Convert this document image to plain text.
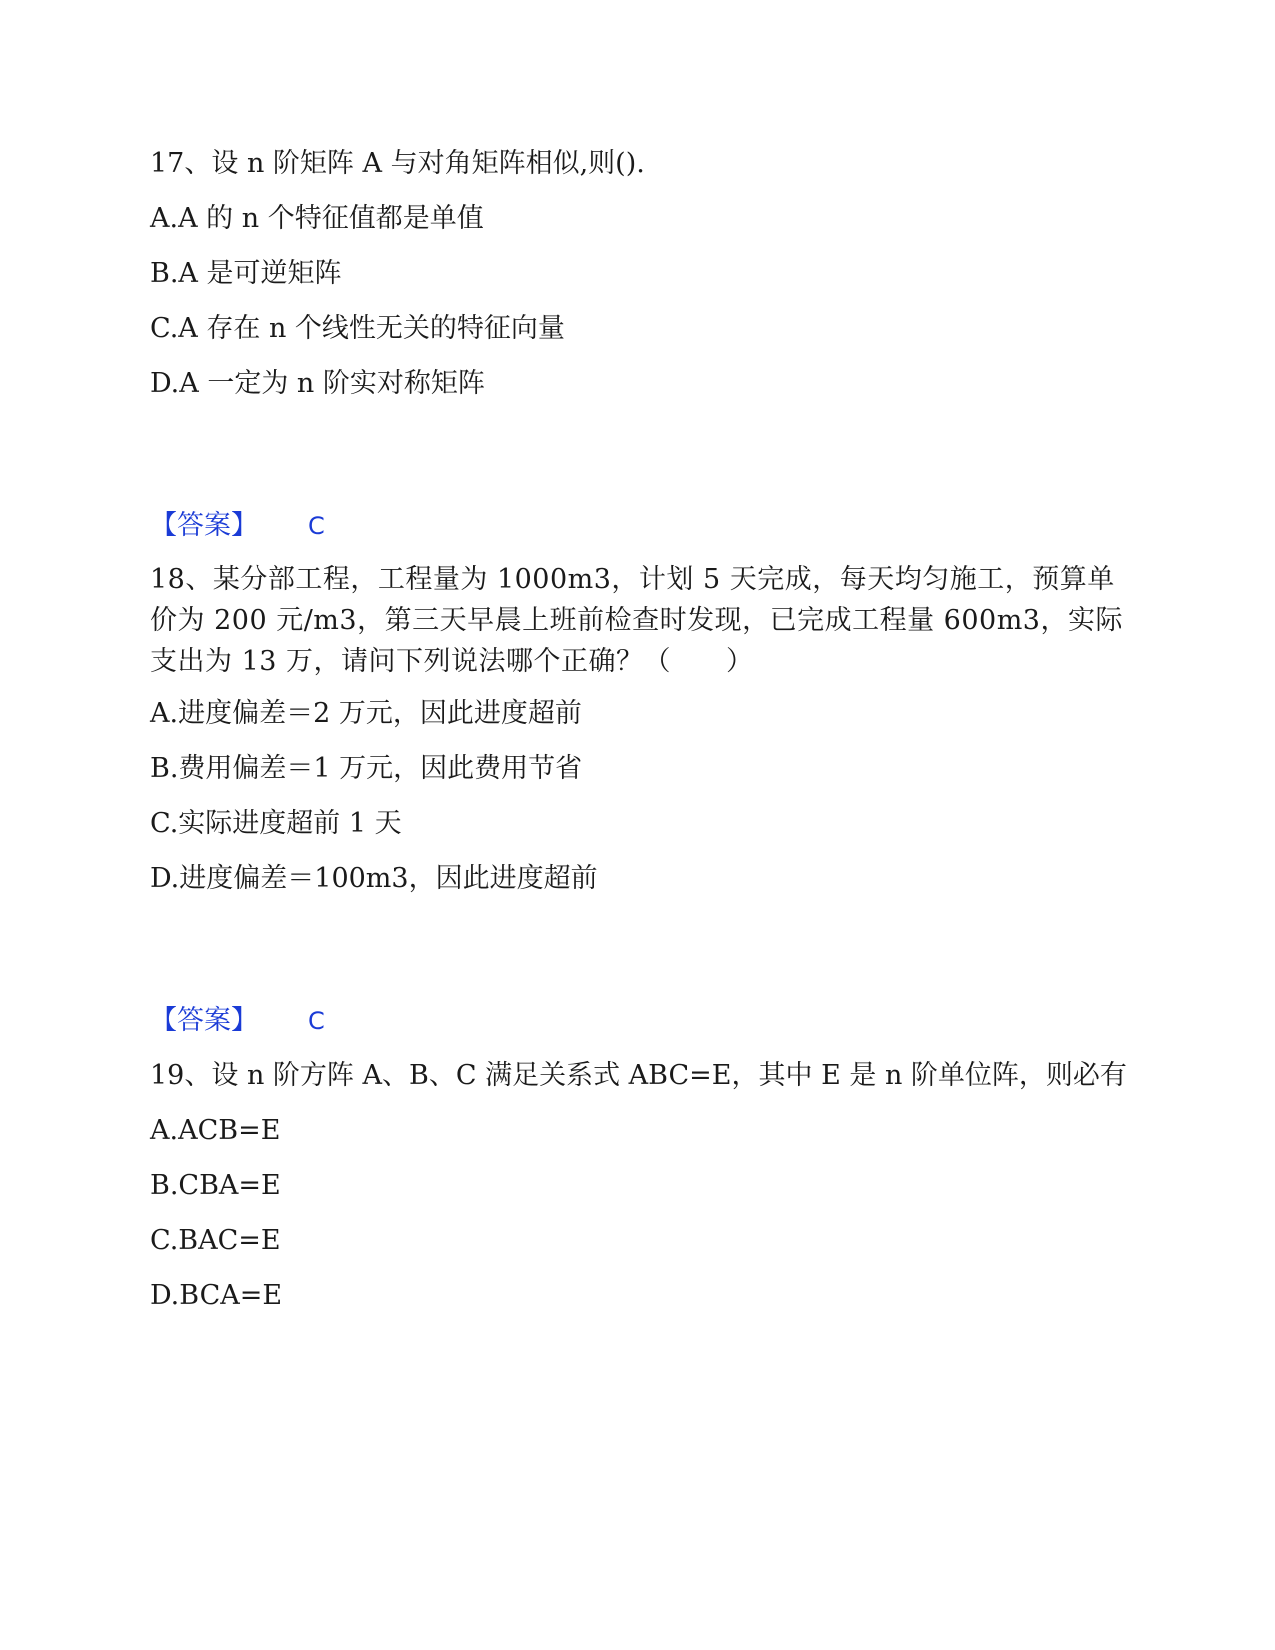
17、设 n 阶矩阵 A 与对角矩阵相似,则().

A.A 的 n 个特征值都是单值

B.A 是可逆矩阵

C.A 存在 n 个线性无关的特征向量

D.A 一定为 n 阶实对称矩阵

【答案】 C

18、某分部工程，工程量为 1000m3，计划 5 天完成，每天均匀施工，预算单价为 200 元/m3，第三天早晨上班前检查时发现，已完成工程量 600m3，实际支出为 13 万，请问下列说法哪个正确？（　　）

A.进度偏差＝2 万元，因此进度超前

B.费用偏差＝1 万元，因此费用节省

C.实际进度超前 1 天

D.进度偏差＝100m3，因此进度超前

【答案】 C

19、设 n 阶方阵 A、B、C 满足关系式 ABC=E，其中 E 是 n 阶单位阵，则必有

A.ACB=E

B.CBA=E

C.BAC=E

D.BCA=E
